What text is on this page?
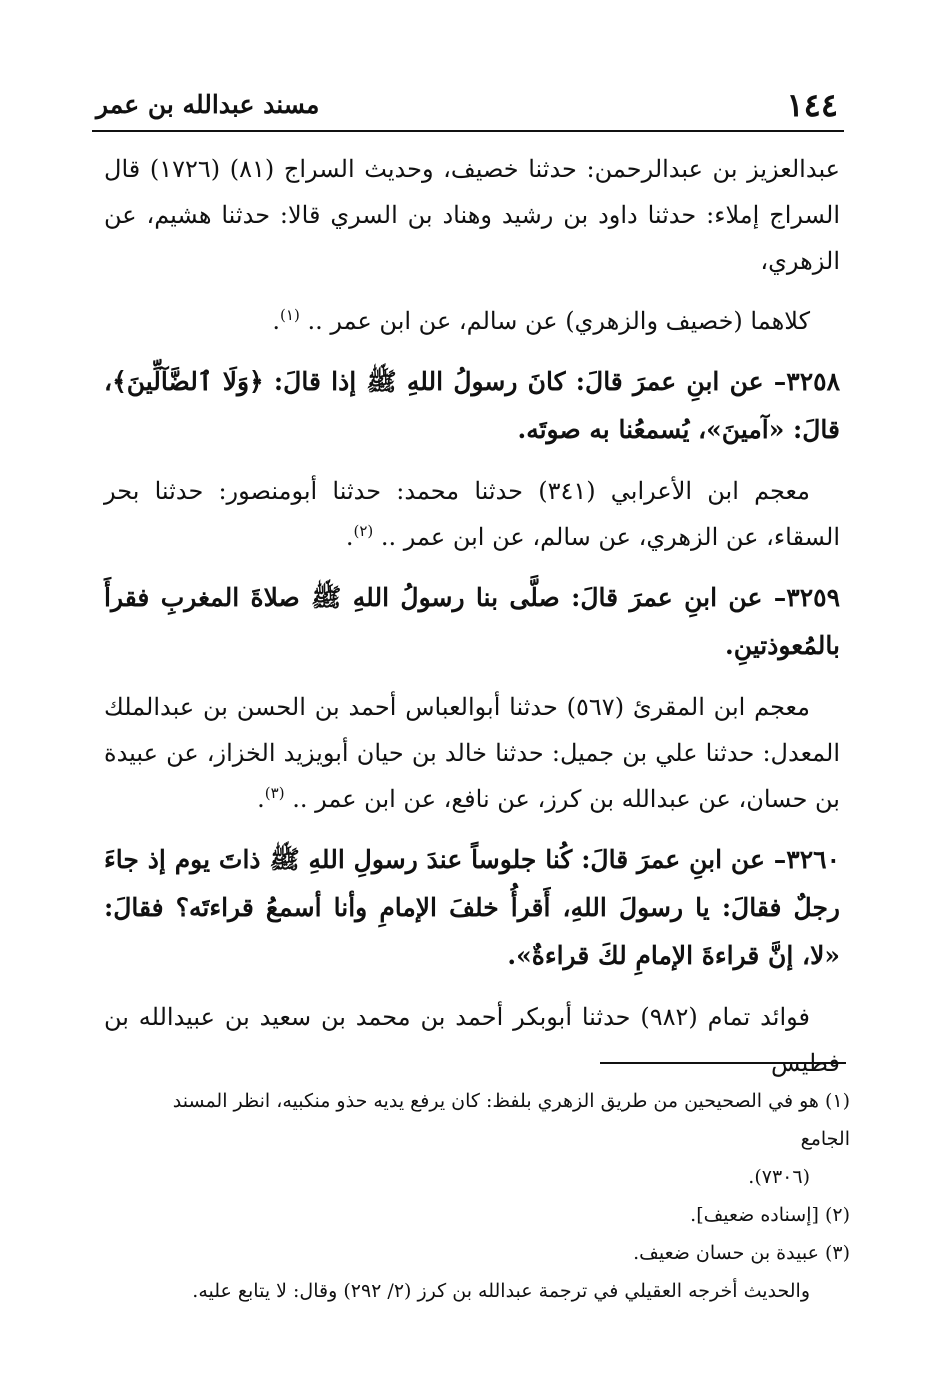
١٤٤
مسند عبدالله بن عمر

عبدالعزيز بن عبدالرحمن: حدثنا خصيف، وحديث السراج (٨١) (١٧٢٦) قال السراج إملاء: حدثنا داود بن رشيد وهناد بن السري قالا: حدثنا هشيم، عن الزهري،

كلاهما (خصيف والزهري) عن سالم، عن ابن عمر .. $^{(١)}$.

٣٢٥٨– عن ابنِ عمرَ قالَ: كانَ رسولُ اللهِ ﷺ إذا قالَ: ﴿وَلَا ٱلضَّآلِّينَ﴾، قالَ: «آمينَ»، يُسمعُنا به صوتَه.

معجم ابن الأعرابي (٣٤١) حدثنا محمد: حدثنا أبومنصور: حدثنا بحر السقاء، عن الزهري، عن سالم، عن ابن عمر .. $^{(٢)}$.

٣٢٥٩– عن ابنِ عمرَ قالَ: صلَّى بنا رسولُ اللهِ ﷺ صلاةَ المغربِ فقرأَ بالمُعوذتينِ.

معجم ابن المقرئ (٥٦٧) حدثنا أبوالعباس أحمد بن الحسن بن عبدالملك المعدل: حدثنا علي بن جميل: حدثنا خالد بن حيان أبويزيد الخزاز، عن عبيدة بن حسان، عن عبدالله بن كرز، عن نافع، عن ابن عمر .. $^{(٣)}$.

٣٢٦٠– عن ابنِ عمرَ قالَ: كُنا جلوساً عندَ رسولِ اللهِ ﷺ ذاتَ يوم إذ جاءَ رجلٌ فقالَ: يا رسولَ اللهِ، أَقرأُ خلفَ الإمامِ وأنا أسمعُ قراءتَه؟ فقالَ: «لا، إنَّ قراءةَ الإمامِ لكَ قراءةٌ».

فوائد تمام (٩٨٢) حدثنا أبوبكر أحمد بن محمد بن سعيد بن عبيدالله بن فطيس

(١) هو في الصحيحين من طريق الزهري بلفظ: كان يرفع يديه حذو منكبيه، انظر المسند الجامع

(٧٣٠٦).

(٢) [إسناده ضعيف].

(٣) عبيدة بن حسان ضعيف.

والحديث أخرجه العقيلي في ترجمة عبدالله بن كرز (٢/ ٢٩٢) وقال: لا يتابع عليه.
